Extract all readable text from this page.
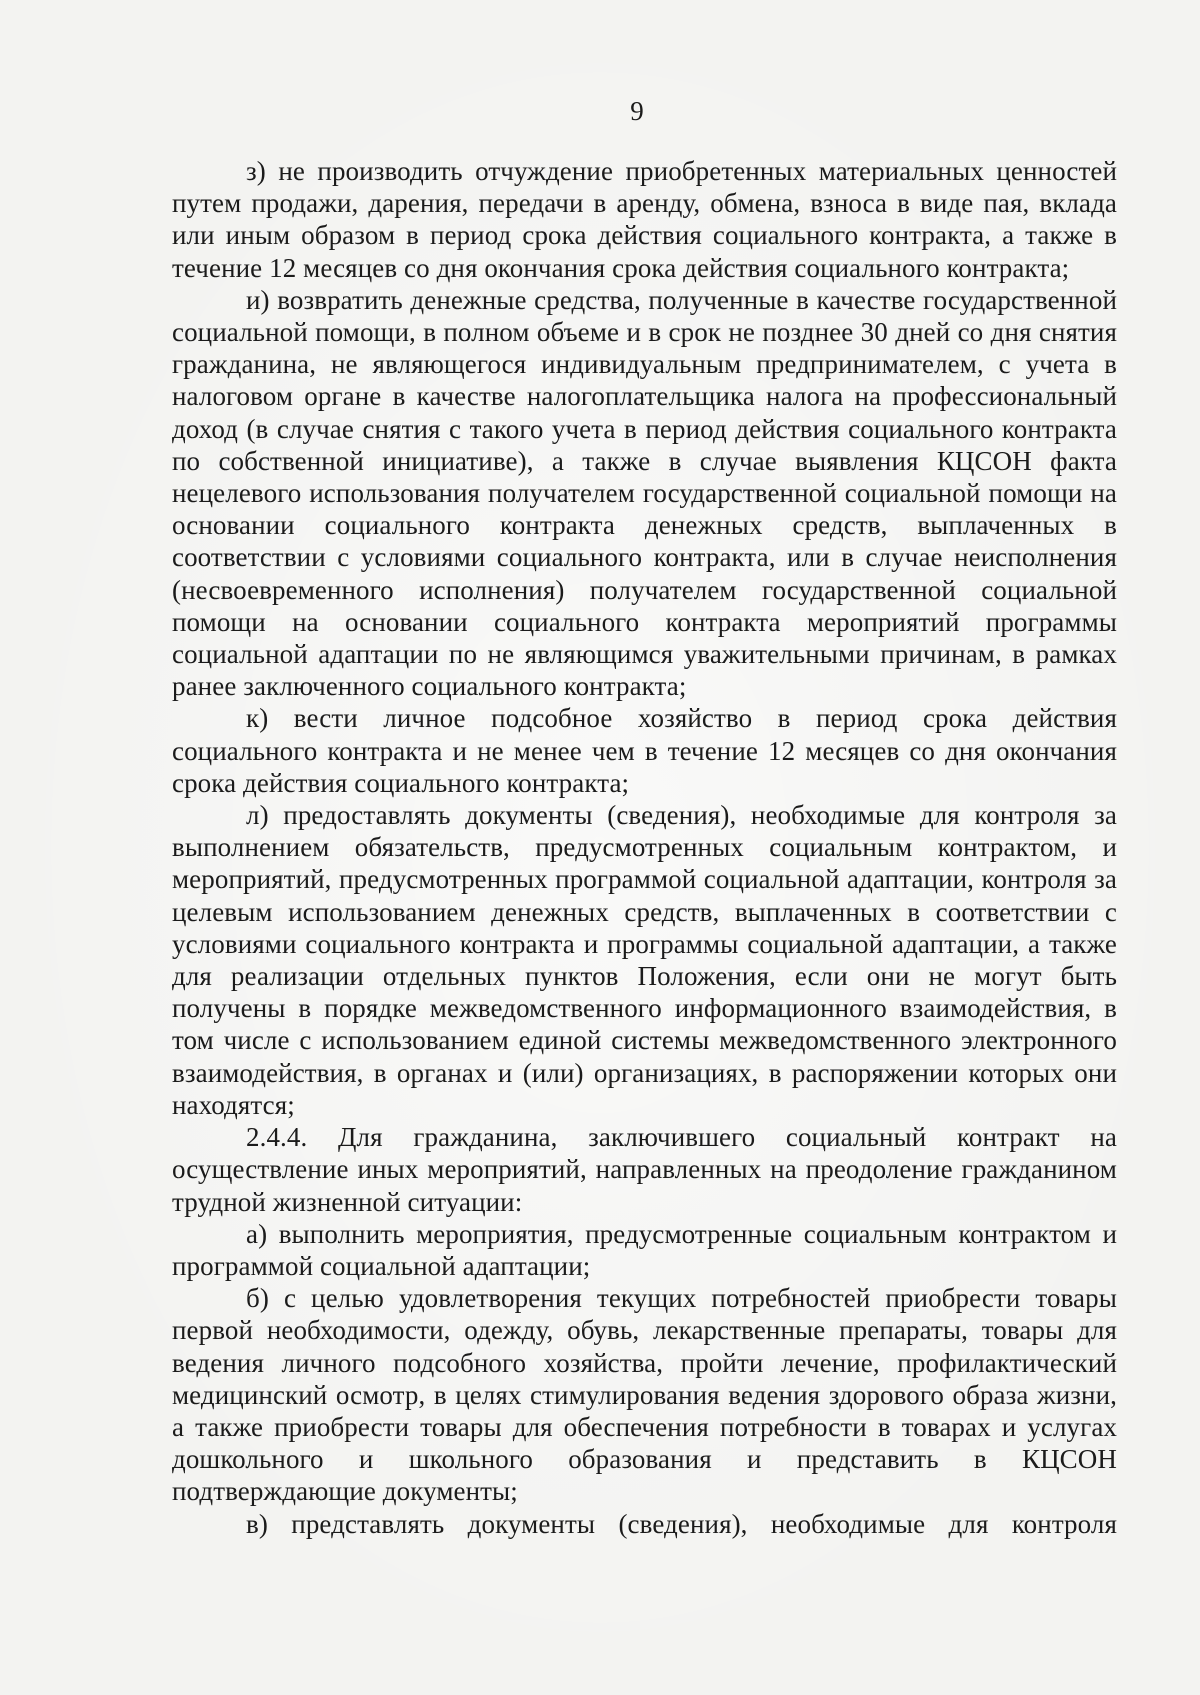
9

з) не производить отчуждение приобретенных материальных ценностей путем продажи, дарения, передачи в аренду, обмена, взноса в виде пая, вклада или иным образом в период срока действия социального контракта, а также в течение 12 месяцев со дня окончания срока действия социального контракта;

и) возвратить денежные средства, полученные в качестве государственной социальной помощи, в полном объеме и в срок не позднее 30 дней со дня снятия гражданина, не являющегося индивидуальным предпринимателем, с учета в налоговом органе в качестве налогоплательщика налога на профессиональный доход (в случае снятия с такого учета в период действия социального контракта по собственной инициативе), а также в случае выявления КЦСОН факта нецелевого использования получателем государственной социальной помощи на основании социального контракта денежных средств, выплаченных в соответствии с условиями социального контракта, или в случае неисполнения (несвоевременного исполнения) получателем государственной социальной помощи на основании социального контракта мероприятий программы социальной адаптации по не являющимся уважительными причинам, в рамках ранее заключенного социального контракта;

к) вести личное подсобное хозяйство в период срока действия социального контракта и не менее чем в течение 12 месяцев со дня окончания срока действия социального контракта;

л) предоставлять документы (сведения), необходимые для контроля за выполнением обязательств, предусмотренных социальным контрактом, и мероприятий, предусмотренных программой социальной адаптации, контроля за целевым использованием денежных средств, выплаченных в соответствии с условиями социального контракта и программы социальной адаптации, а также для реализации отдельных пунктов Положения, если они не могут быть получены в порядке межведомственного информационного взаимодействия, в том числе с использованием единой системы межведомственного электронного взаимодействия, в органах и (или) организациях, в распоряжении которых они находятся;

2.4.4. Для гражданина, заключившего социальный контракт на осуществление иных мероприятий, направленных на преодоление гражданином трудной жизненной ситуации:

а) выполнить мероприятия, предусмотренные социальным контрактом и программой социальной адаптации;

б) с целью удовлетворения текущих потребностей приобрести товары первой необходимости, одежду, обувь, лекарственные препараты, товары для ведения личного подсобного хозяйства, пройти лечение, профилактический медицинский осмотр, в целях стимулирования ведения здорового образа жизни, а также приобрести товары для обеспечения потребности в товарах и услугах дошкольного и школьного образования и представить в КЦСОН подтверждающие документы;

в) представлять документы (сведения), необходимые для контроля
